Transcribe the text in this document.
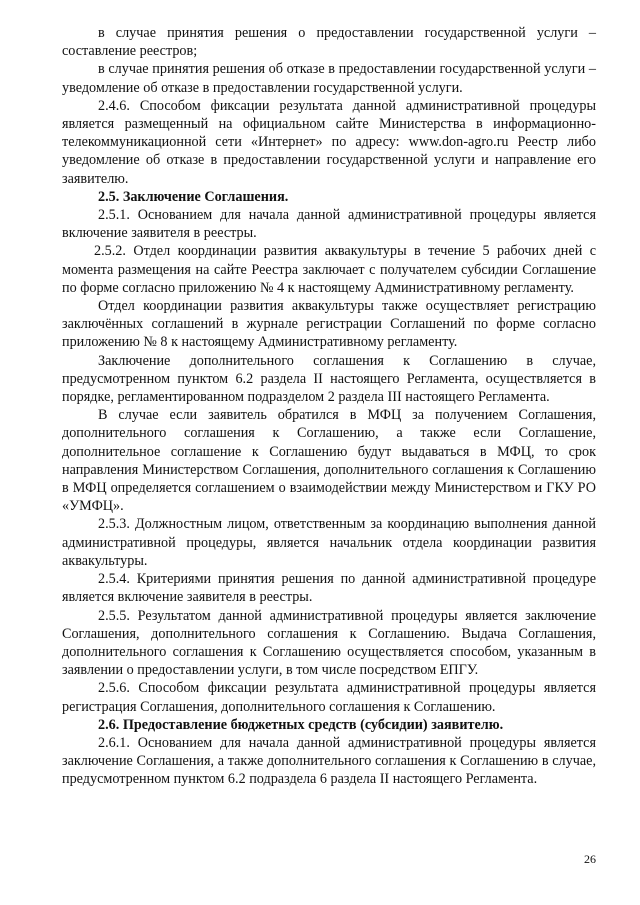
в случае принятия решения о предоставлении государственной услуги – составление реестров;

в случае принятия решения об отказе в предоставлении государственной услуги – уведомление об отказе в предоставлении государственной услуги.

2.4.6. Способом фиксации результата данной административной процедуры является размещенный на официальном сайте Министерства в информационно-телекоммуникационной сети «Интернет» по адресу: www.don-agro.ru Реестр либо уведомление об отказе в предоставлении государственной услуги и направление его заявителю.

2.5. Заключение Соглашения.

2.5.1. Основанием для начала данной административной процедуры является включение заявителя в реестры.

2.5.2. Отдел координации развития аквакультуры в течение 5 рабочих дней с момента размещения на сайте Реестра заключает с получателем субсидии Соглашение по форме согласно приложению № 4 к настоящему Административному регламенту.

Отдел координации развития аквакультуры также осуществляет регистрацию заключённых соглашений в журнале регистрации Соглашений по форме согласно приложению № 8 к настоящему Административному регламенту.

Заключение дополнительного соглашения к Соглашению в случае, предусмотренном пунктом 6.2 раздела II настоящего Регламента, осуществляется в порядке, регламентированном подразделом 2 раздела III настоящего Регламента.

В случае если заявитель обратился в МФЦ за получением Соглашения, дополнительного соглашения к Соглашению, а также если Соглашение, дополнительное соглашение к Соглашению будут выдаваться в МФЦ, то срок направления Министерством Соглашения, дополнительного соглашения к Соглашению в МФЦ определяется соглашением о взаимодействии между Министерством и ГКУ РО «УМФЦ».

2.5.3. Должностным лицом, ответственным за координацию выполнения данной административной процедуры, является начальник отдела координации развития аквакультуры.

2.5.4. Критериями принятия решения по данной административной процедуре является включение заявителя в реестры.

2.5.5. Результатом данной административной процедуры является заключение Соглашения, дополнительного соглашения к Соглашению. Выдача Соглашения, дополнительного соглашения к Соглашению осуществляется способом, указанным в заявлении о предоставлении услуги, в том числе посредством ЕПГУ.

2.5.6. Способом фиксации результата административной процедуры является регистрация Соглашения, дополнительного соглашения к Соглашению.

2.6. Предоставление бюджетных средств (субсидии) заявителю.

2.6.1. Основанием для начала данной административной процедуры является заключение Соглашения, а также дополнительного соглашения к Соглашению в случае, предусмотренном пунктом 6.2 подраздела 6 раздела II настоящего Регламента.

26
